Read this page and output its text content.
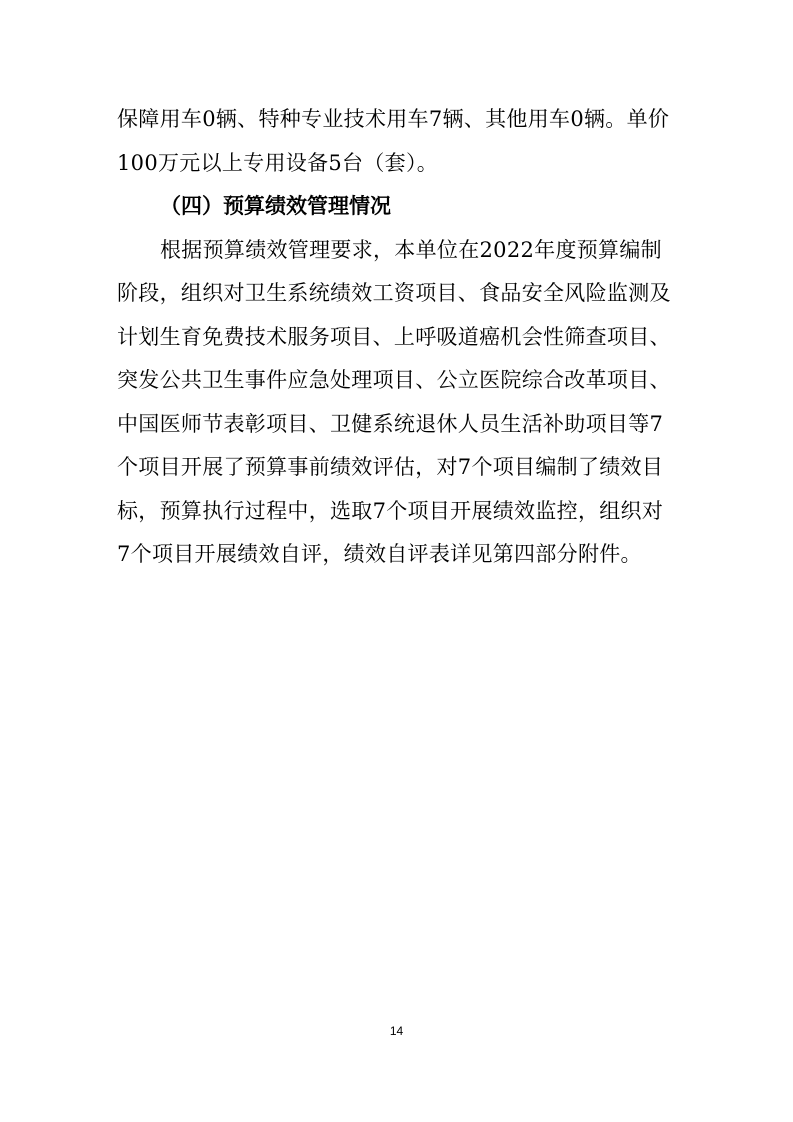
保障用车0辆、特种专业技术用车7辆、其他用车0辆。单价
100万元以上专用设备5台（套）。
（四）预算绩效管理情况
根据预算绩效管理要求，本单位在2022年度预算编制
阶段，组织对卫生系统绩效工资项目、食品安全风险监测及
计划生育免费技术服务项目、上呼吸道癌机会性筛查项目、
突发公共卫生事件应急处理项目、公立医院综合改革项目、
中国医师节表彰项目、卫健系统退休人员生活补助项目等7
个项目开展了预算事前绩效评估，对7个项目编制了绩效目
标，预算执行过程中，选取7个项目开展绩效监控，组织对
7个项目开展绩效自评，绩效自评表详见第四部分附件。
14
